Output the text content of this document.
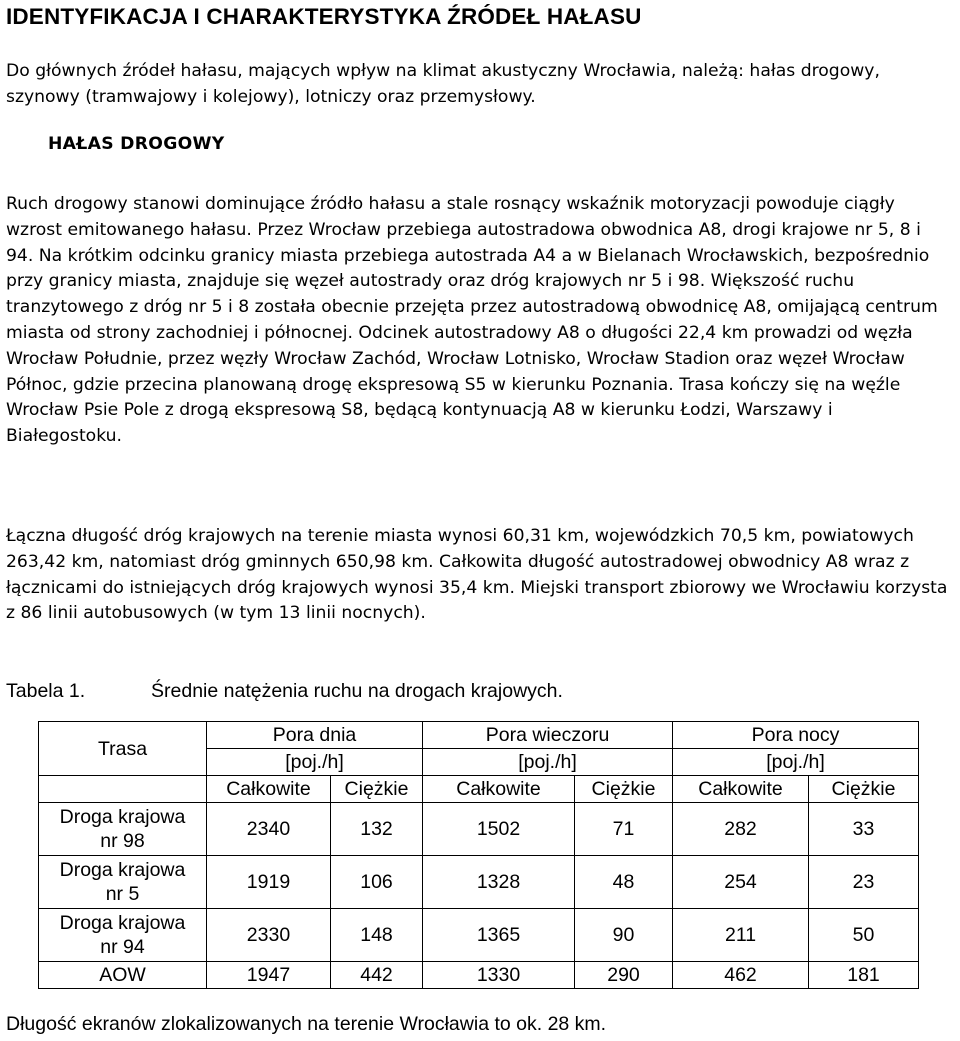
IDENTYFIKACJA I CHARAKTERYSTYKA ŹRÓDEŁ HAŁASU

Do głównych źródeł hałasu, mających wpływ na klimat akustyczny Wrocławia, należą: hałas drogowy, szynowy (tramwajowy i kolejowy), lotniczy oraz przemysłowy.

HAŁAS DROGOWY

Ruch drogowy stanowi dominujące źródło hałasu a stale rosnący wskaźnik motoryzacji powoduje ciągły wzrost emitowanego hałasu. Przez Wrocław przebiega autostradowa obwodnica A8, drogi krajowe nr 5, 8 i 94. Na krótkim odcinku granicy miasta przebiega autostrada A4 a w Bielanach Wrocławskich, bezpośrednio przy granicy miasta, znajduje się węzeł autostrady oraz dróg krajowych nr 5 i 98. Większość ruchu tranzytowego z dróg nr 5 i 8 została obecnie przejęta przez autostradową obwodnicę A8, omijającą centrum miasta od strony zachodniej i północnej. Odcinek autostradowy A8 o długości 22,4 km prowadzi od węzła Wrocław Południe, przez węzły Wrocław Zachód, Wrocław Lotnisko, Wrocław Stadion oraz węzeł Wrocław Północ, gdzie przecina planowaną drogę ekspresową S5 w kierunku Poznania. Trasa kończy się na węźle Wrocław Psie Pole z drogą ekspresową S8, będącą kontynuacją A8 w kierunku Łodzi, Warszawy i Białegostoku.

Łączna długość dróg krajowych na terenie miasta wynosi 60,31 km, wojewódzkich 70,5 km, powiatowych 263,42 km, natomiast dróg gminnych 650,98 km. Całkowita długość autostradowej obwodnicy A8 wraz z łącznicami do istniejących dróg krajowych wynosi 35,4 km. Miejski transport zbiorowy we Wrocławiu korzysta z 86 linii autobusowych (w tym 13 linii nocnych).

Tabela 1.	Średnie natężenia ruchu na drogach krajowych.
Trasa	Pora dnia		Pora wieczoru		Pora nocy	
	[poj./h]		[poj./h]		[poj./h]	
	Całkowite	Ciężkie	Całkowite	Ciężkie	Całkowite	Ciężkie

Droga krajowa
nr 98	2340	132	1502	71	282	33

Droga krajowa
nr 5	1919	106	1328	48	254	23

Droga krajowa
nr 94	2330	148	1365	90	211	50
AOW	1947	442	1330	290	462	181

Długość ekranów zlokalizowanych na terenie Wrocławia to ok. 28 km.
